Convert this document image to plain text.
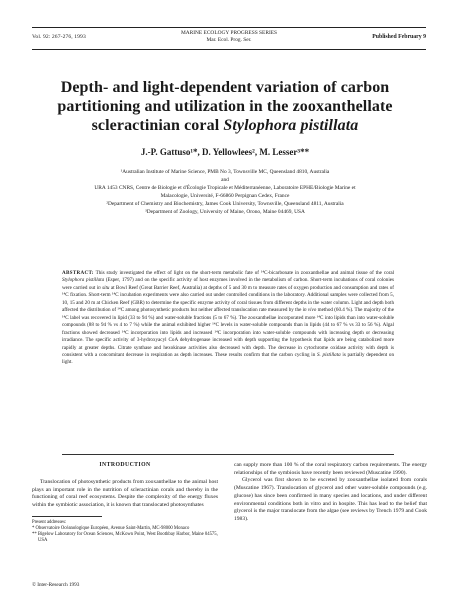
Vol. 92: 267-276, 1993
MARINE ECOLOGY PROGRESS SERIES
Mar. Ecol. Prog. Ser.	Published February 9
Depth- and light-dependent variation of carbon
partitioning and utilization in the zooxanthellate
scleractinian coral Stylophora pistillata
J.-P. Gattuso¹*, D. Yellowlees², M. Lesser³**
¹Australian Institute of Marine Science, PMB No 3, Townsville MC, Queensland 4810, Australia
and
URA 1453 CNRS, Centre de Biologie et d'Écologie Tropicale et Méditerranéenne, Laboratoire EPHE/Biologie Marine et
Malacologie, Université, F-66860 Perpignan Cedex, France
²Department of Chemistry and Biochemistry, James Cook University, Townsville, Queensland 4811, Australia
³Department of Zoology, University of Maine, Orono, Maine 04469, USA
ABSTRACT: This study investigated the effect of light on the short-term metabolic fate of ¹⁴C-bicarbonate in zooxanthellae and animal tissue of the coral Stylophora pistillata (Esper, 1797) and on the specific activity of host enzymes involved in the metabolism of carbon. Short-term incubations of coral colonies were carried out in situ at Bowl Reef (Great Barrier Reef, Australia) at depths of 5 and 30 m to measure rates of oxygen production and consumption and rates of ¹⁴C fixation. Short-term ¹⁴C incubation experiments were also carried out under controlled conditions in the laboratory. Additional samples were collected from 5, 10, 15 and 20 m at Chicken Reef (GBR) to determine the specific enzyme activity of coral tissues from different depths in the water column. Light and depth both affected the distribution of ¹⁴C among photosynthetic products but neither affected translocation rate measured by the in vivo method (60.4 %). The majority of the ¹⁴C label was recovered in lipid (33 to 94 %) and water-soluble fractions (5 to 67 %). The zooxanthellae incorporated more ¹⁴C into lipids than into water-soluble compounds (88 to 94 % vs 4 to 7 %) while the animal exhibited higher ¹⁴C levels in water-soluble compounds than in lipids (44 to 67 % vs 33 to 56 %). Algal fractions showed decreased ¹⁴C incorporation into lipids and increased ¹⁴C incorporation into water-soluble compounds with increasing depth or decreasing irradiance. The specific activity of 3-hydroxyacyl CoA dehydrogenase increased with depth supporting the hypothesis that lipids are being catabolized more rapidly at greater depths. Citrate synthase and hexokinase activities also decreased with depth. The decrease in cytochrome oxidase activity with depth is consistent with a concomitant decrease in respiration as depth increases. These results confirm that the carbon cycling in S. pistillata is partially dependent on light.
INTRODUCTION

Translocation of photosynthetic products from zooxanthellae to the animal host plays an important role in the nutrition of scleractinian corals and thereby in the functioning of coral reef ecosystems. Despite the complexity of the energy fluxes within the symbiotic association, it is known that translocated photosynthates

Present addresses:
* Observatoire Océanologique Européen, Avenue Saint-Martin, MC-98000 Monaco
** Bigelow Laboratory for Ocean Sciences, McKown Point, West Boothbay Harbor, Maine 04575, USA
© Inter-Research 1993

can supply more than 100 % of the coral respiratory carbon requirements. The energy relationships of the symbiosis have recently been reviewed (Muscatine 1990).

Glycerol was first shown to be excreted by zooxanthellae isolated from corals (Muscatine 1967). Translocation of glycerol and other water-soluble compounds (e.g. glucose) has since been confirmed in many species and locations, and under different environmental conditions both in vitro and in hospite. This has lead to the belief that glycerol is the major translocate from the algae (see reviews by Trench 1979 and Cook 1983).
